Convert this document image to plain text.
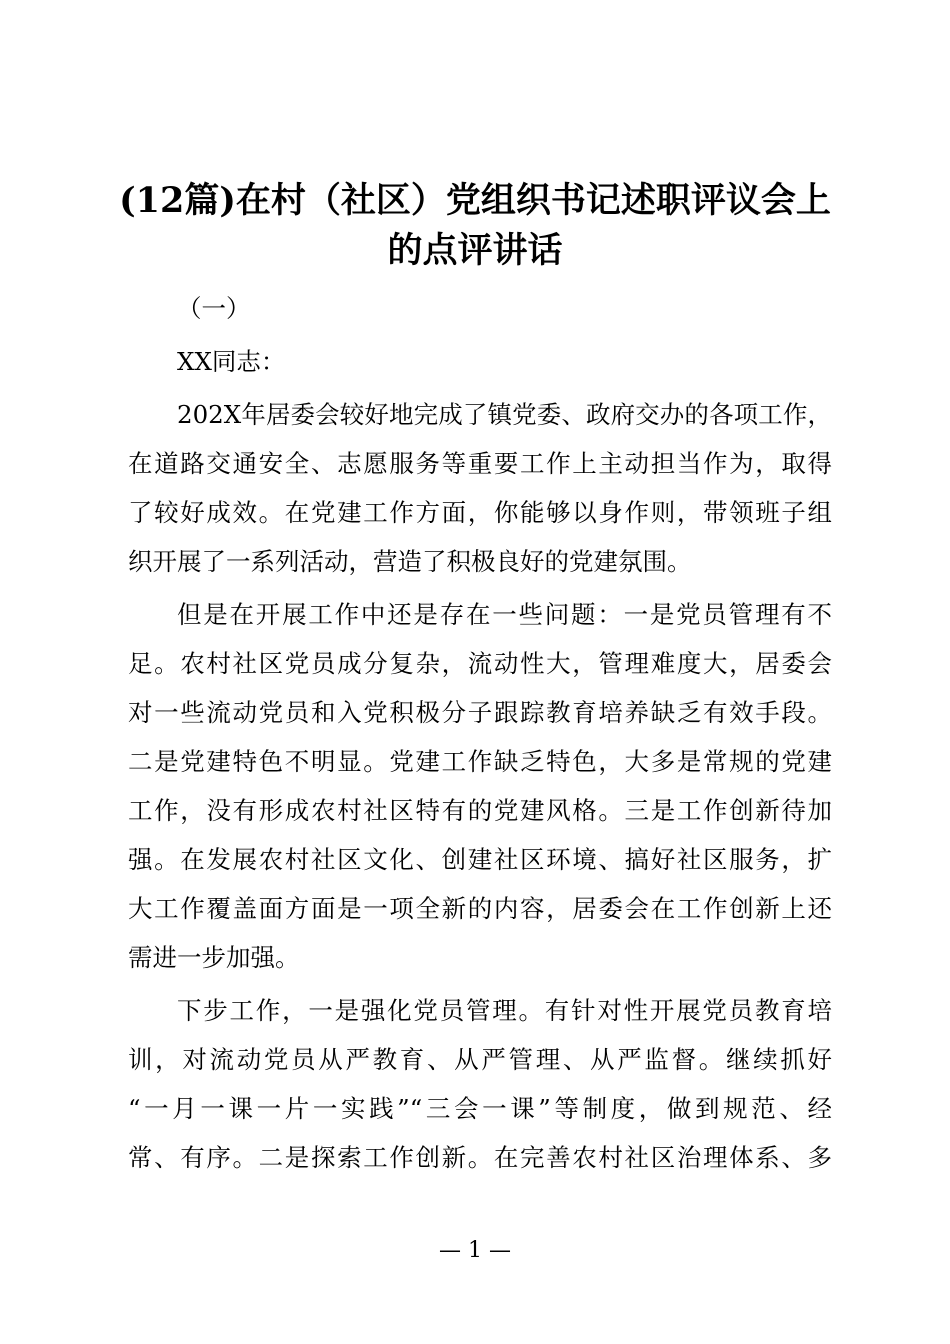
(12篇)在村（社区）党组织书记述职评议会上
的点评讲话
（一）
XX同志：
202X年居委会较好地完成了镇党委、政府交办的各项工作，
在道路交通安全、志愿服务等重要工作上主动担当作为，取得
了较好成效。在党建工作方面，你能够以身作则，带领班子组
织开展了一系列活动，营造了积极良好的党建氛围。
但是在开展工作中还是存在一些问题：一是党员管理有不
足。农村社区党员成分复杂，流动性大，管理难度大，居委会
对一些流动党员和入党积极分子跟踪教育培养缺乏有效手段。
二是党建特色不明显。党建工作缺乏特色，大多是常规的党建
工作，没有形成农村社区特有的党建风格。三是工作创新待加
强。在发展农村社区文化、创建社区环境、搞好社区服务，扩
大工作覆盖面方面是一项全新的内容，居委会在工作创新上还
需进一步加强。
下步工作，一是强化党员管理。有针对性开展党员教育培
训，对流动党员从严教育、从严管理、从严监督。继续抓好
“一月一课一片一实践”“三会一课”等制度，做到规范、经
常、有序。二是探索工作创新。在完善农村社区治理体系、多
— 1 —
